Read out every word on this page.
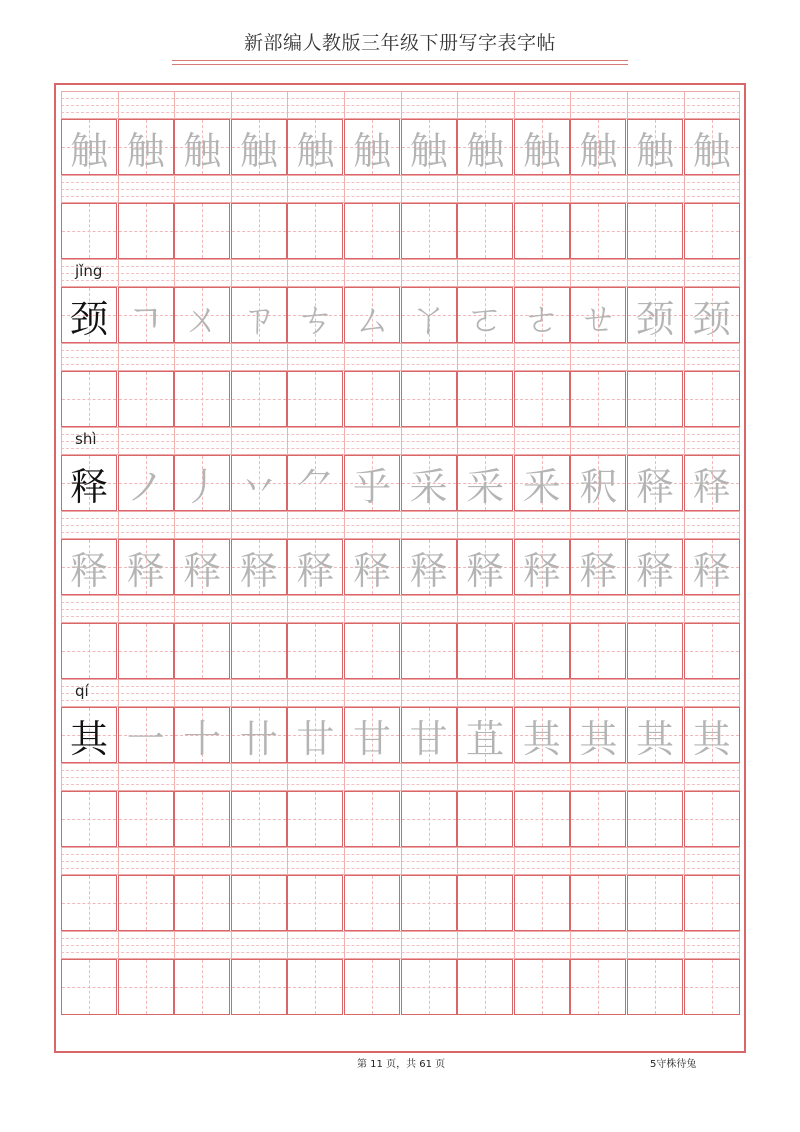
新部编人教版三年级下册写字表字帖
触 触 触 触 触 触 触 触 触 触 触 触
jǐng
颈 ㄱ ㄨ ㄗ ㄘ ㄙ ㄚ ㄛ ㄜ ㄝ 颈 颈
shì
释 ノ 丿 丷 ⺈ 乎 采 采 釆 釈 释 释
释 释 释 释 释 释 释 释 释 释 释 释
qí
其 一 十 卄 廿 甘 甘 苴 其 其 其 其
第 11 页，共 61 页	5守株待兔
